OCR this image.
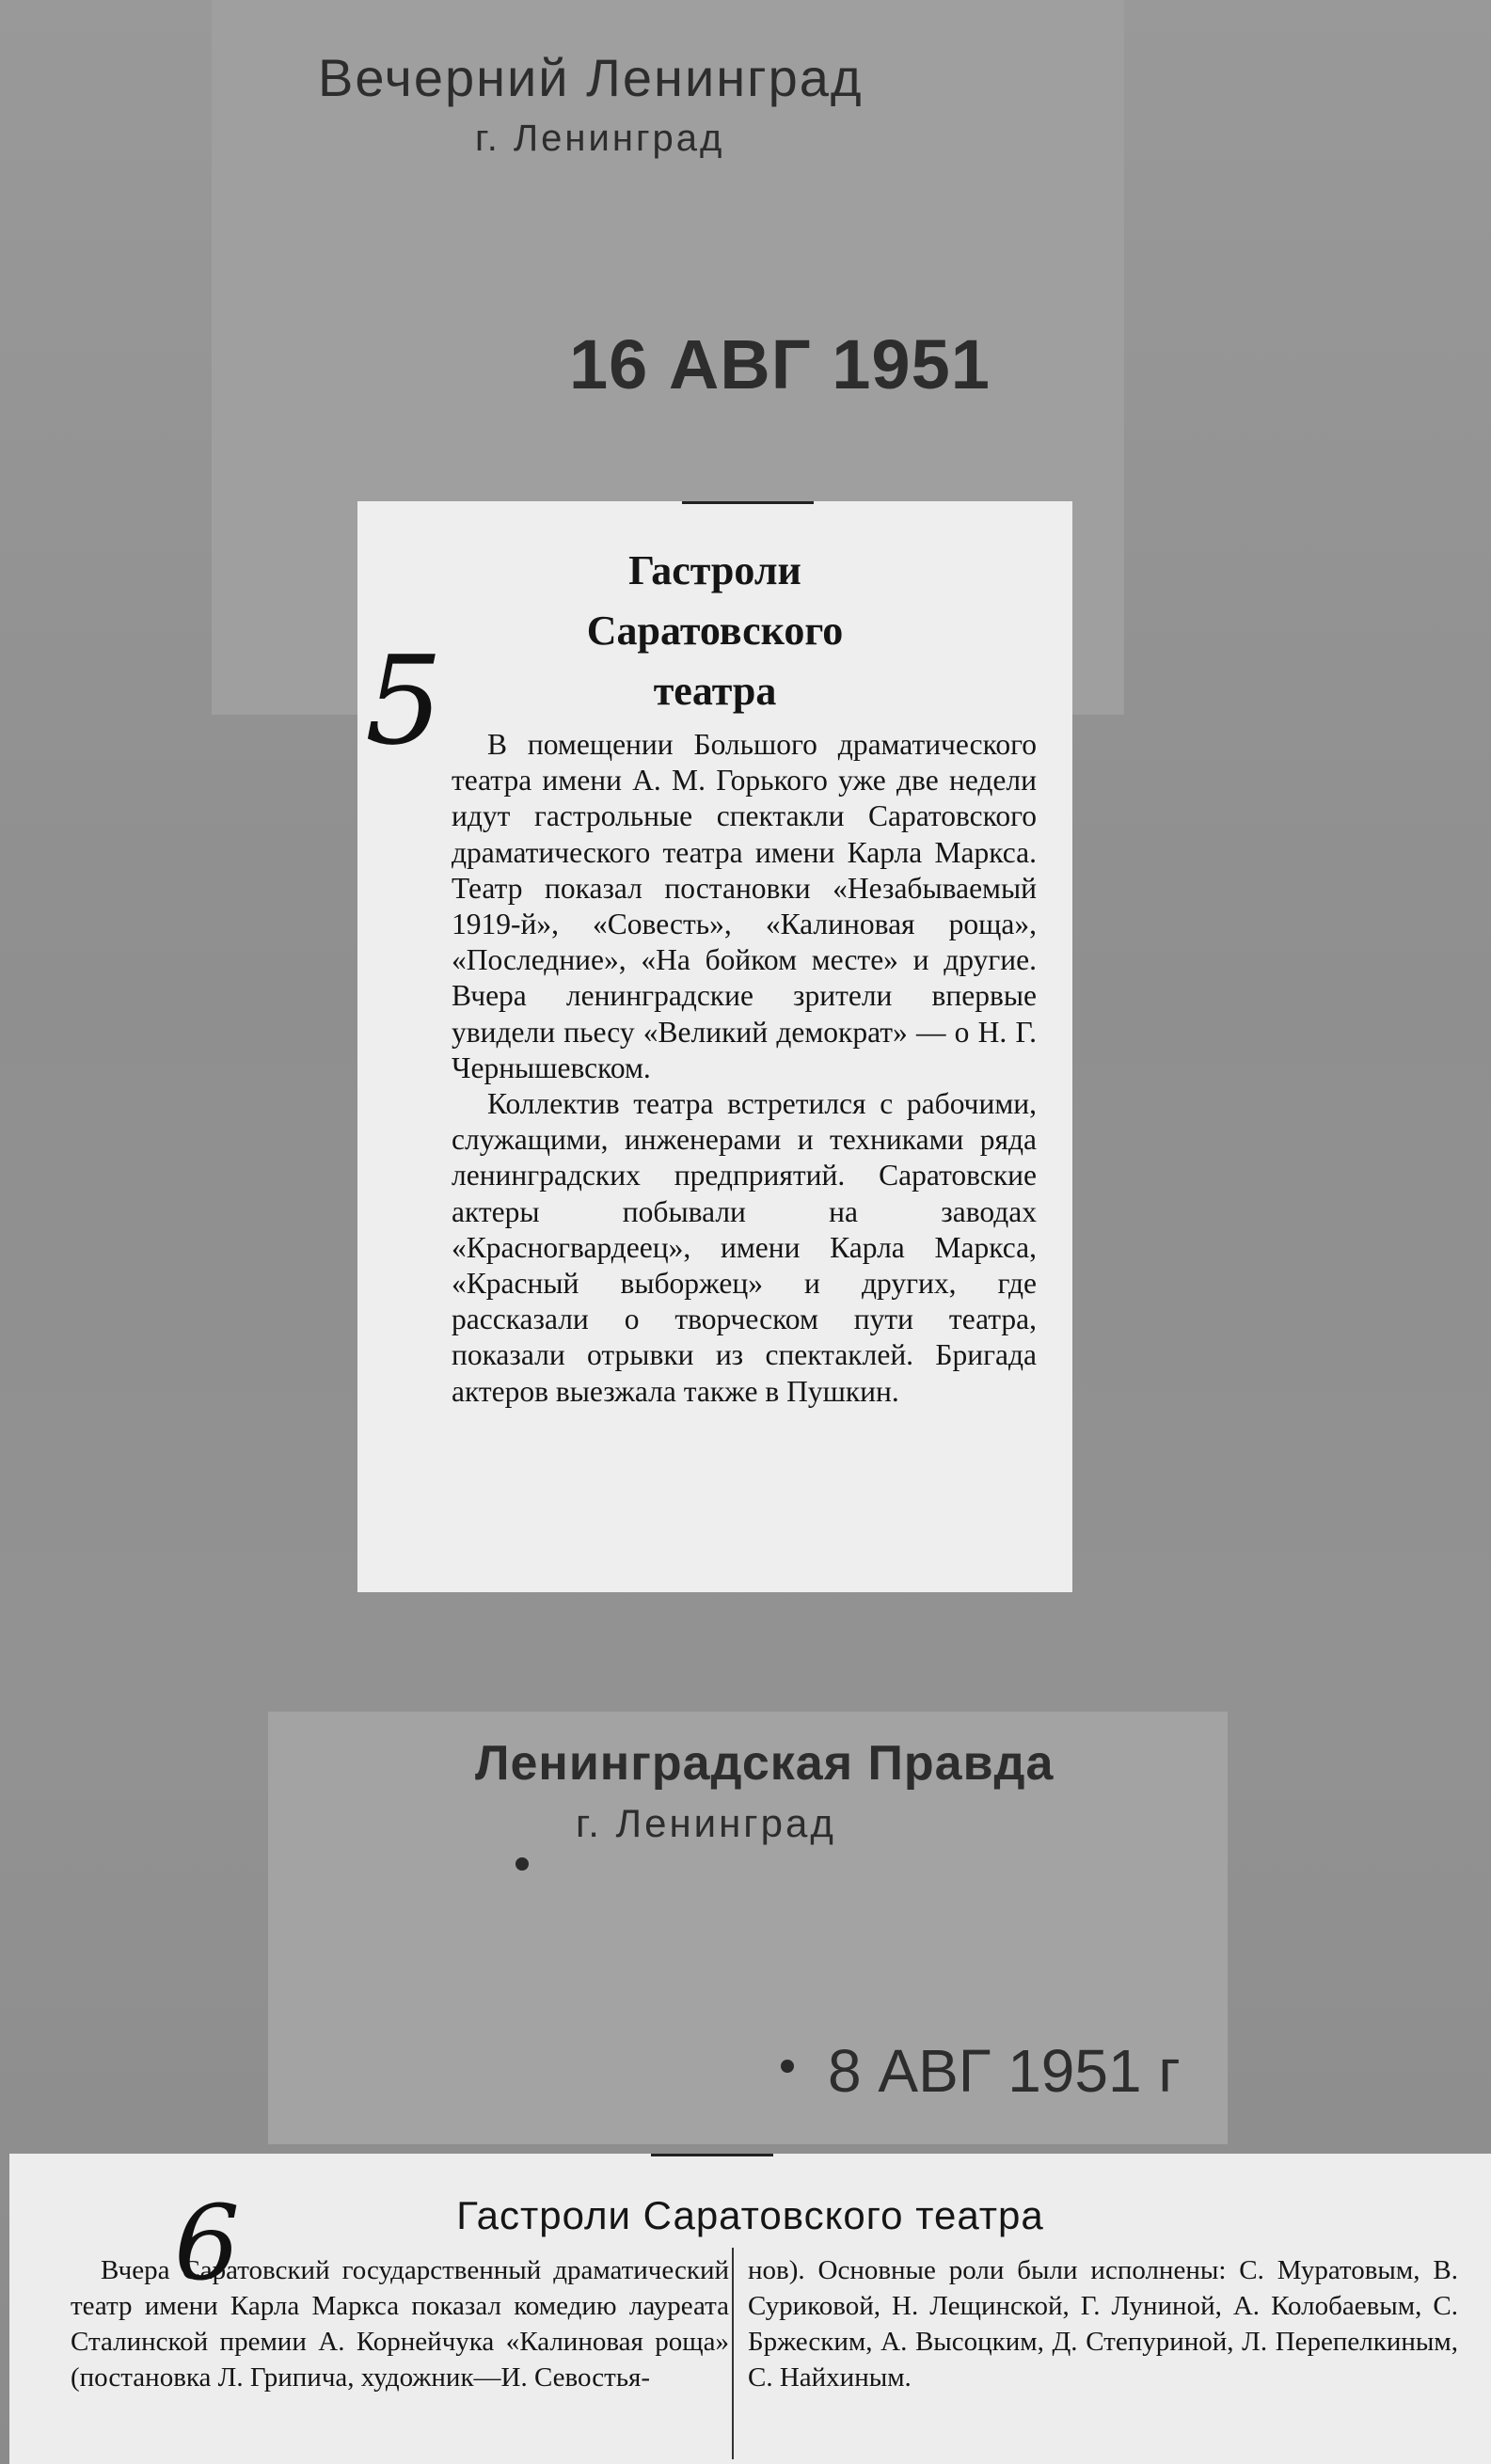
Вечерний Ленинград
г. Ленинград
16 АВГ 1951
Гастроли
Саратовского
театра

В помещении Большого драматического театра имени А. М. Горького уже две недели идут гастрольные спектакли Саратовского драматического театра имени Карла Маркса. Театр показал постановки «Незабываемый 1919-й», «Совесть», «Калиновая роща», «Последние», «На бойком месте» и другие. Вчера ленинградские зрители впервые увидели пьесу «Великий демократ» — о Н. Г. Чернышевском.

Коллектив театра встретился с рабочими, служащими, инженерами и техниками ряда ленинградских предприятий. Саратовские актеры побывали на заводах «Красногвардеец», имени Карла Маркса, «Красный выборжец» и других, где рассказали о творческом пути театра, показали отрывки из спектаклей. Бригада актеров выезжала также в Пушкин.

5
Ленинградская Правда
г. Ленинград
8 АВГ 1951 г
Гастроли Саратовского театра
Вчера Саратовский государственный драматический театр имени Карла Маркса показал комедию лауреата Сталинской премии А. Корнейчука «Калиновая роща» (постановка Л. Грипича, художник—И. Севостья-
нов). Основные роли были исполнены: С. Муратовым, В. Суриковой, Н. Лещинской, Г. Луниной, А. Колобаевым, С. Бржеским, А. Высоцким, Д. Степуриной, Л. Перепелкиным, С. Найхиным.
6
